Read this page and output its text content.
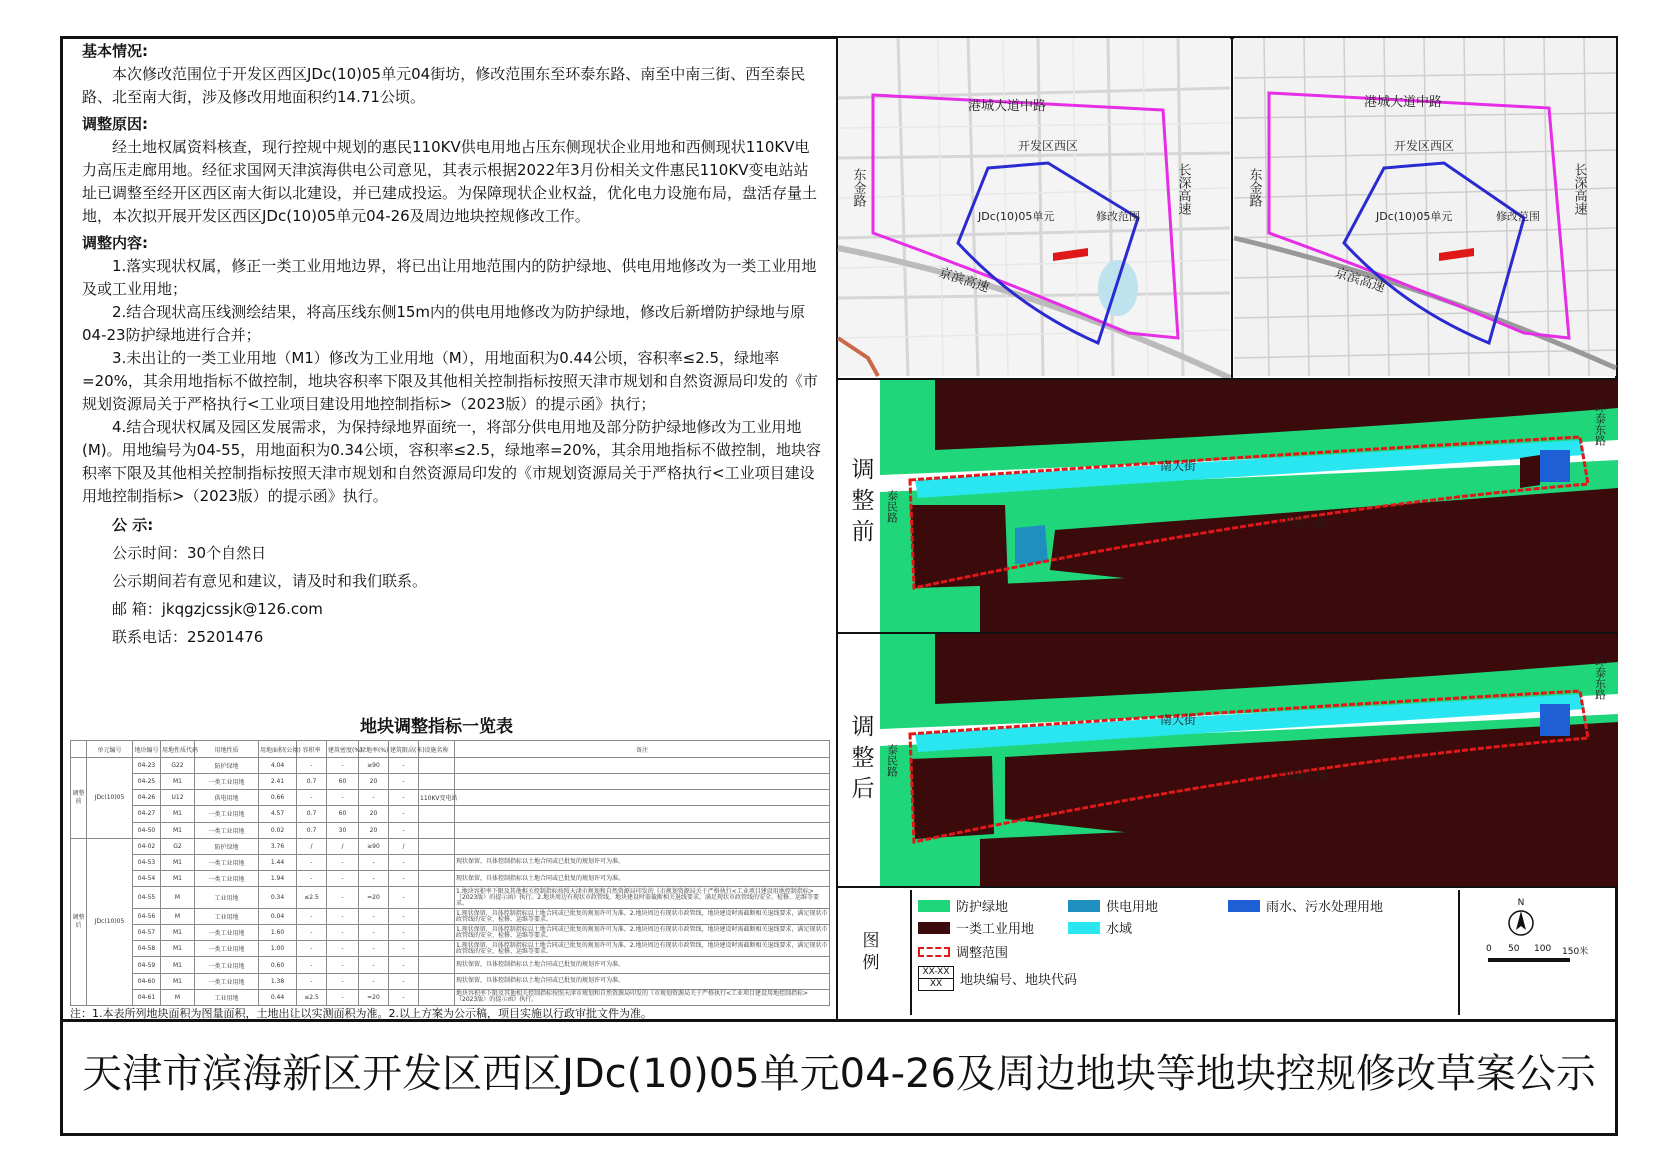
基本情况:

本次修改范围位于开发区西区JDc(10)05单元04街坊，修改范围东至环泰东路、南至中南三街、西至泰民路、北至南大街，涉及修改用地面积约14.71公顷。

调整原因:

经土地权属资料核查，现行控规中规划的惠民110KV供电用地占压东侧现状企业用地和西侧现状110KV电力高压走廊用地。经征求国网天津滨海供电公司意见，其表示根据2022年3月份相关文件惠民110KV变电站站址已调整至经开区西区南大街以北建设，并已建成投运。为保障现状企业权益，优化电力设施布局，盘活存量土地，本次拟开展开发区西区JDc(10)05单元04-26及周边地块控规修改工作。

调整内容:

1.落实现状权属，修正一类工业用地边界，将已出让用地范围内的防护绿地、供电用地修改为一类工业用地及或工业用地；

2.结合现状高压线测绘结果，将高压线东侧15m内的供电用地修改为防护绿地，修改后新增防护绿地与原04-23防护绿地进行合并；

3.未出让的一类工业用地（M1）修改为工业用地（M），用地面积为0.44公顷，容积率≤2.5，绿地率=20%，其余用地指标不做控制，地块容积率下限及其他相关控制指标按照天津市规划和自然资源局印发的《市规划资源局关于严格执行<工业项目建设用地控制指标>（2023版）的提示函》执行；

4.结合现状权属及园区发展需求，为保持绿地界面统一，将部分供电用地及部分防护绿地修改为工业用地(M)。用地编号为04-55，用地面积为0.34公顷，容积率≤2.5，绿地率=20%，其余用地指标不做控制，地块容积率下限及其他相关控制指标按照天津市规划和自然资源局印发的《市规划资源局关于严格执行<工业项目建设用地控制指标>（2023版）的提示函》执行。

公 示:

公示时间：30个自然日

公示期间若有意见和建议，请及时和我们联系。

邮 箱：jkqgzjcssjk@126.com

联系电话：25201476

地块调整指标一览表
	单元编号	地块编号	用地性质代码	用地性质	用地面积(公顷)	容积率	建筑密度(%)	绿地率(%)	建筑限高(米)	设施名称	备注
调整前	JDc(10)05	04-23	G22	防护绿地	4.04	-	-	≥90	-		
		04-25	M1	一类工业用地	2.41	0.7	60	20	-		
		04-26	U12	供电用地	0.66	-	-	-	-	110KV变电站	
		04-27	M1	一类工业用地	4.57	0.7	60	20	-		
		04-50	M1	一类工业用地	0.02	0.7	30	20	-		
调整后	JDc(10)05	04-02	G2	防护绿地	3.76	/	/	≥90	/		
		04-53	M1	一类工业用地	1.44	-	-	-	-		现状保留，具体控制指标以土地合同或已批复的规划许可为准。
		04-54	M1	一类工业用地	1.94	-	-	-	-		现状保留，具体控制指标以土地合同或已批复的规划许可为准。
		04-55	M	工业用地	0.34	≤2.5	-	=20	-		1.地块容积率下限及其他相关控制指标按照天津市规划和自然资源局印发的《市规划资源局关于严格执行<工业项目建设用地控制指标>（2023版）的提示函》执行。2.地块周边有现状市政管线，地块建设时需截断相关退线要求，满足现状市政管线的安全、检修、运维等要求。
		04-56	M	工业用地	0.04	-	-	-	-		1.现状保留，具体控制指标以土地合同或已批复的规划许可为准。2.地块周边有现状市政管线，地块建设时需截断相关退线要求，满足现状市政管线的安全、检修、运维等要求。
		04-57	M1	一类工业用地	1.60	-	-	-	-		1.现状保留，具体控制指标以土地合同或已批复的规划许可为准。2.地块周边有现状市政管线，地块建设时需截断相关退线要求，满足现状市政管线的安全、检修、运维等要求。
		04-58	M1	一类工业用地	1.00	-	-	-	-		1.现状保留，具体控制指标以土地合同或已批复的规划许可为准。2.地块周边有现状市政管线，地块建设时需截断相关退线要求，满足现状市政管线的安全、检修、运维等要求。
		04-59	M1	一类工业用地	0.60	-	-	-	-		现状保留，具体控制指标以土地合同或已批复的规划许可为准。
		04-60	M1	一类工业用地	1.38	-	-	-	-		现状保留，具体控制指标以土地合同或已批复的规划许可为准。
		04-61	M	工业用地	0.44	≤2.5	-	=20	-		地块容积率下限及其他相关控制指标按照天津市规划和自然资源局印发的《市规划资源局关于严格执行<工业项目建设用地控制指标>（2023版）的提示函》执行。
注：1.本表所列地块面积为图量面积，土地出让以实测面积为准。2.以上方案为公示稿，项目实施以行政审批文件为准。
天津市滨海新区开发区西区JDc(10)05单元04-26及周边地块等地块控规修改草案公示
港城大道中路
东金路	长深高速
京滨高速
开发区西区
JDc(10)05单元	修改范围
港城大道中路
东金路	长深高速
京滨高速
开发区西区
JDc(10)05单元	修改范围
调整前
南大街
中南三街
泰民路
环泰东路
调整后
南大街
中南三街
泰民路
环泰东路
图例
防护绿地	供电用地	雨水、污水处理用地
一类工业用地	水域
调整范围
XX-XX
XX	地块编号、地块代码
N
0 50 100 150米
